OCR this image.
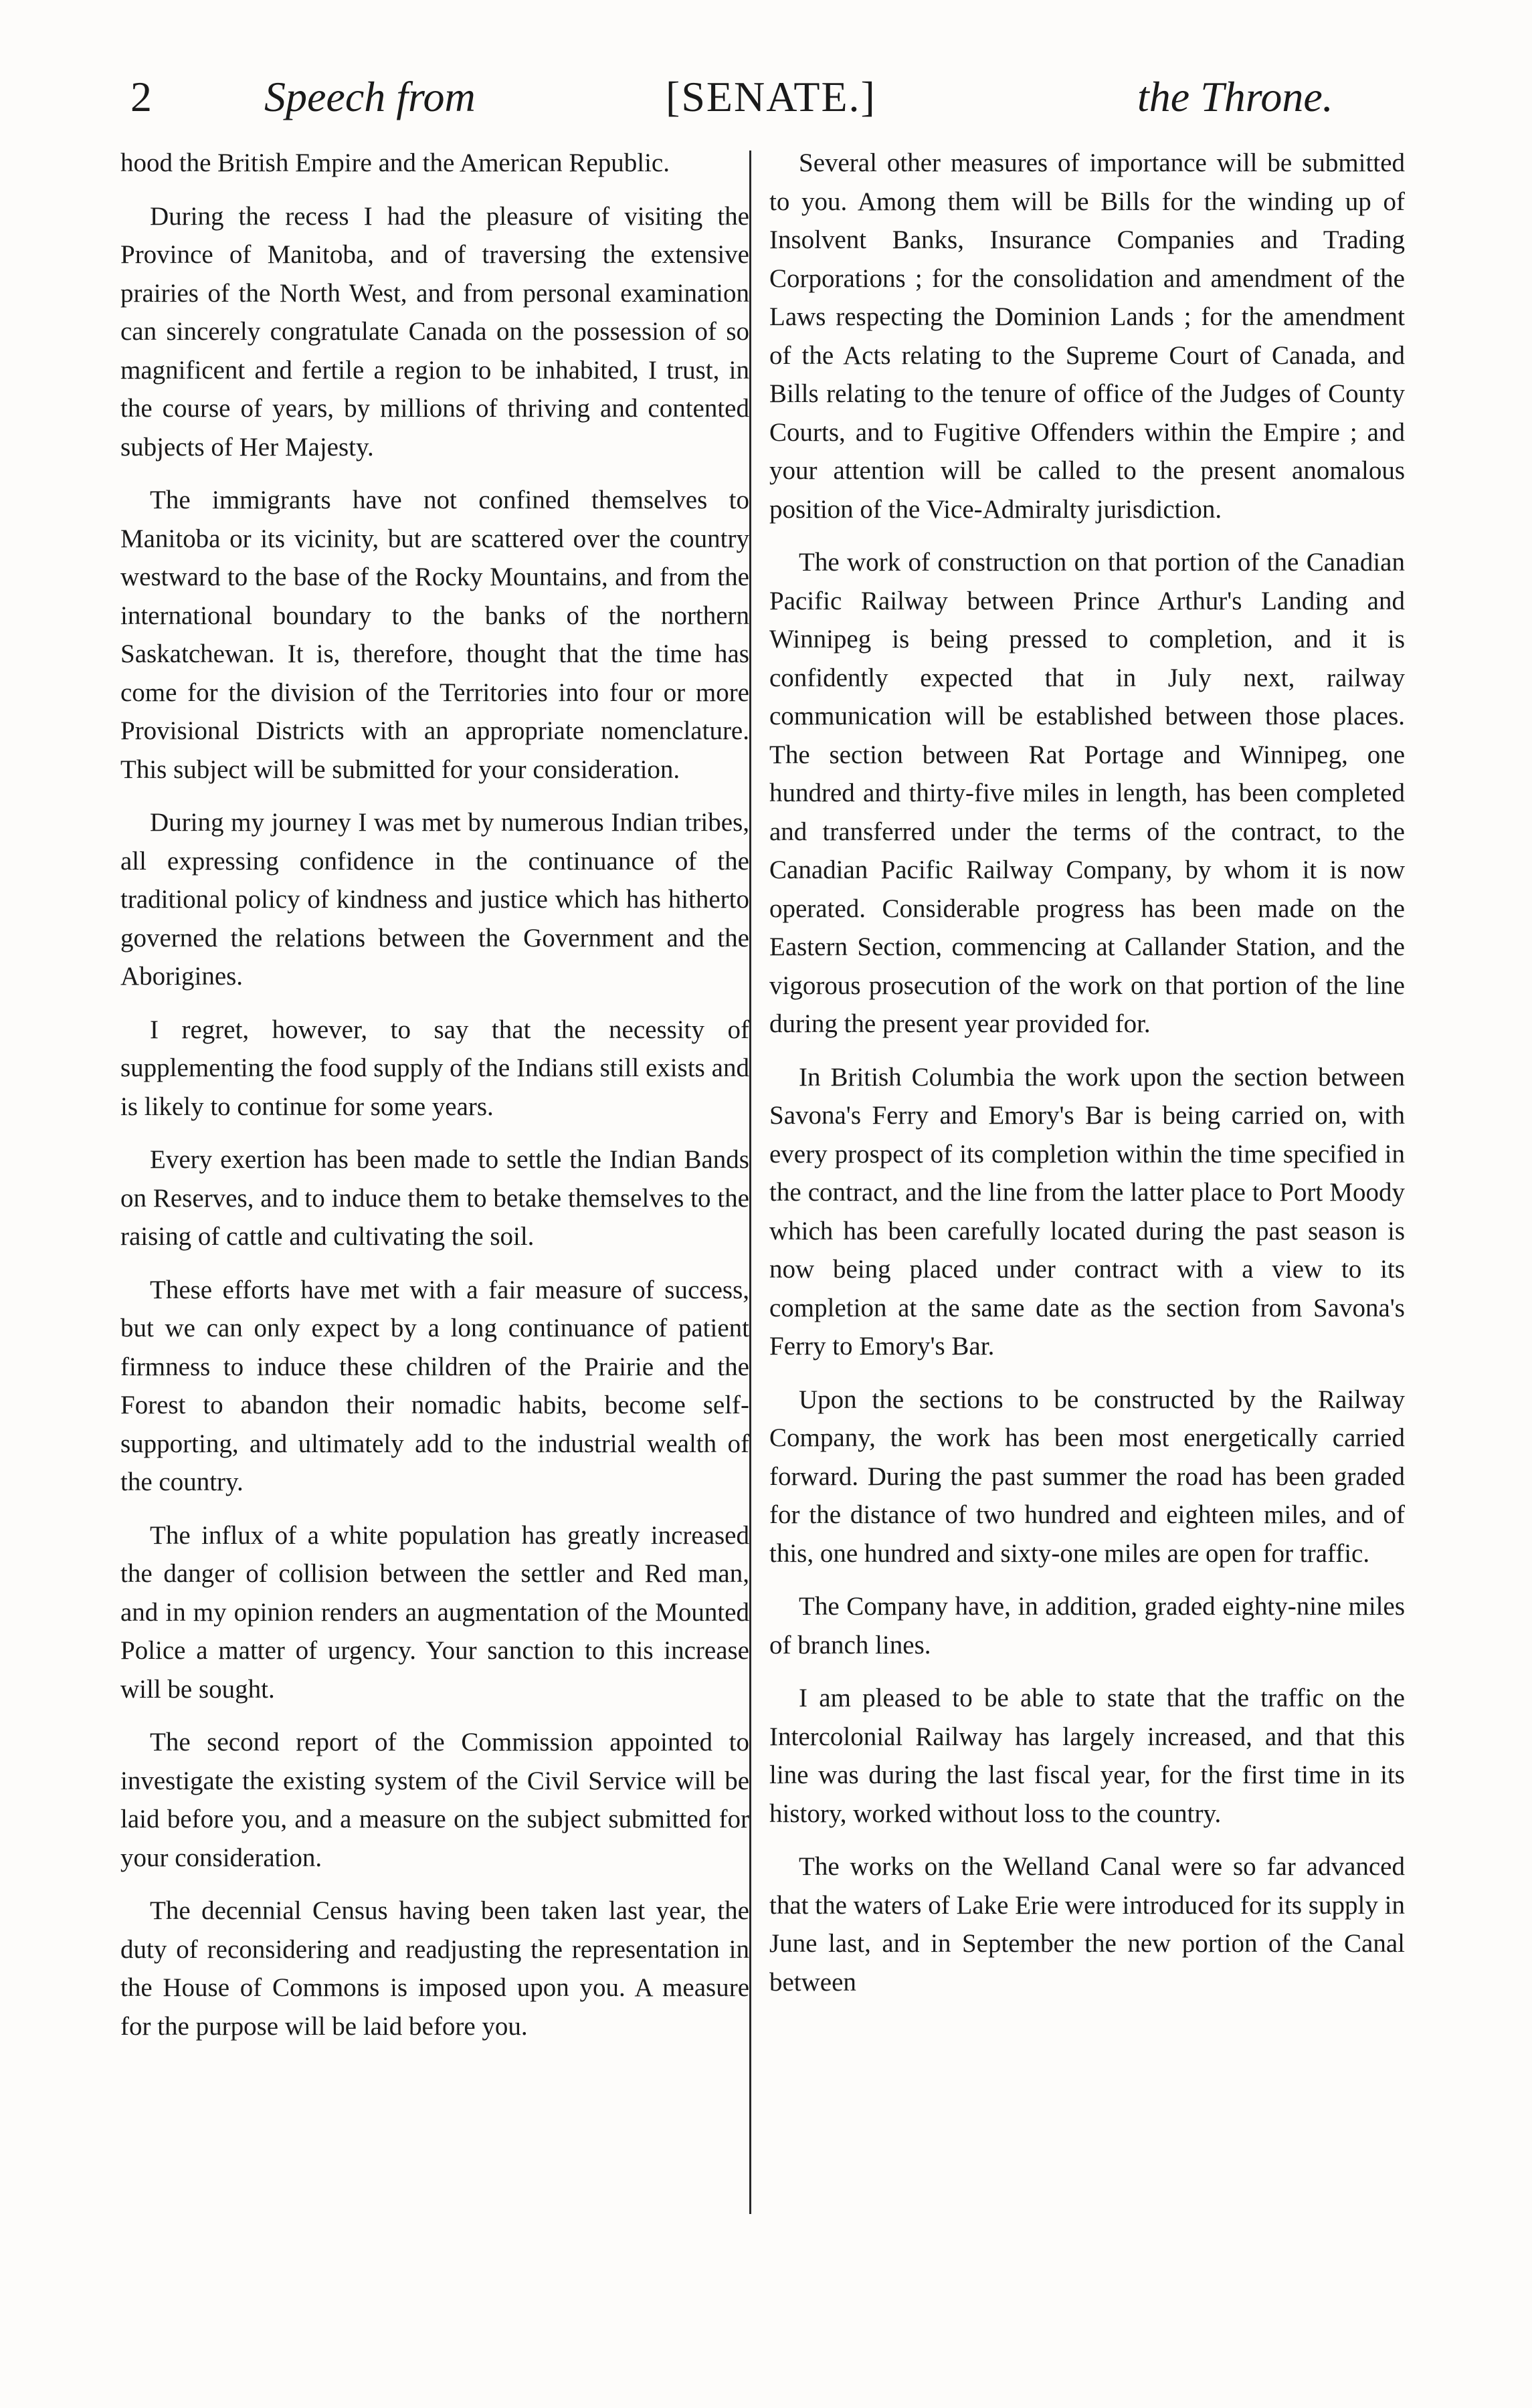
2	Speech from	[SENATE.]	the Throne.

hood the British Empire and the American Republic.

During the recess I had the pleasure of visiting the Province of Manitoba, and of traversing the extensive prairies of the North West, and from personal examination can sincerely congratulate Canada on the possession of so magnificent and fertile a region to be inhabited, I trust, in the course of years, by millions of thriving and contented subjects of Her Majesty.

The immigrants have not confined themselves to Manitoba or its vicinity, but are scattered over the country westward to the base of the Rocky Mountains, and from the international boundary to the banks of the northern Saskatchewan. It is, therefore, thought that the time has come for the division of the Territories into four or more Provisional Districts with an appropriate nomenclature. This subject will be submitted for your consideration.

During my journey I was met by numerous Indian tribes, all expressing confidence in the continuance of the traditional policy of kindness and justice which has hitherto governed the relations between the Government and the Aborigines.

I regret, however, to say that the necessity of supplementing the food supply of the Indians still exists and is likely to continue for some years.

Every exertion has been made to settle the Indian Bands on Reserves, and to induce them to betake themselves to the raising of cattle and cultivating the soil.

These efforts have met with a fair measure of success, but we can only expect by a long continuance of patient firmness to induce these children of the Prairie and the Forest to abandon their nomadic habits, become self-supporting, and ultimately add to the industrial wealth of the country.

The influx of a white population has greatly increased the danger of collision between the settler and Red man, and in my opinion renders an augmentation of the Mounted Police a matter of urgency. Your sanction to this increase will be sought.

The second report of the Commission appointed to investigate the existing system of the Civil Service will be laid before you, and a measure on the subject submitted for your consideration.

The decennial Census having been taken last year, the duty of reconsidering and readjusting the representation in the House of Commons is imposed upon you. A measure for the purpose will be laid before you.

Several other measures of importance will be submitted to you. Among them will be Bills for the winding up of Insolvent Banks, Insurance Companies and Trading Corporations ; for the consolidation and amendment of the Laws respecting the Dominion Lands ; for the amendment of the Acts relating to the Supreme Court of Canada, and Bills relating to the tenure of office of the Judges of County Courts, and to Fugitive Offenders within the Empire ; and your attention will be called to the present anomalous position of the Vice-Admiralty jurisdiction.

The work of construction on that portion of the Canadian Pacific Railway between Prince Arthur's Landing and Winnipeg is being pressed to completion, and it is confidently expected that in July next, railway communication will be established between those places. The section between Rat Portage and Winnipeg, one hundred and thirty-five miles in length, has been completed and transferred under the terms of the contract, to the Canadian Pacific Railway Company, by whom it is now operated. Considerable progress has been made on the Eastern Section, commencing at Callander Station, and the vigorous prosecution of the work on that portion of the line during the present year provided for.

In British Columbia the work upon the section between Savona's Ferry and Emory's Bar is being carried on, with every prospect of its completion within the time specified in the contract, and the line from the latter place to Port Moody which has been carefully located during the past season is now being placed under contract with a view to its completion at the same date as the section from Savona's Ferry to Emory's Bar.

Upon the sections to be constructed by the Railway Company, the work has been most energetically carried forward. During the past summer the road has been graded for the distance of two hundred and eighteen miles, and of this, one hundred and sixty-one miles are open for traffic.

The Company have, in addition, graded eighty-nine miles of branch lines.

I am pleased to be able to state that the traffic on the Intercolonial Railway has largely increased, and that this line was during the last fiscal year, for the first time in its history, worked without loss to the country.

The works on the Welland Canal were so far advanced that the waters of Lake Erie were introduced for its supply in June last, and in September the new portion of the Canal between
